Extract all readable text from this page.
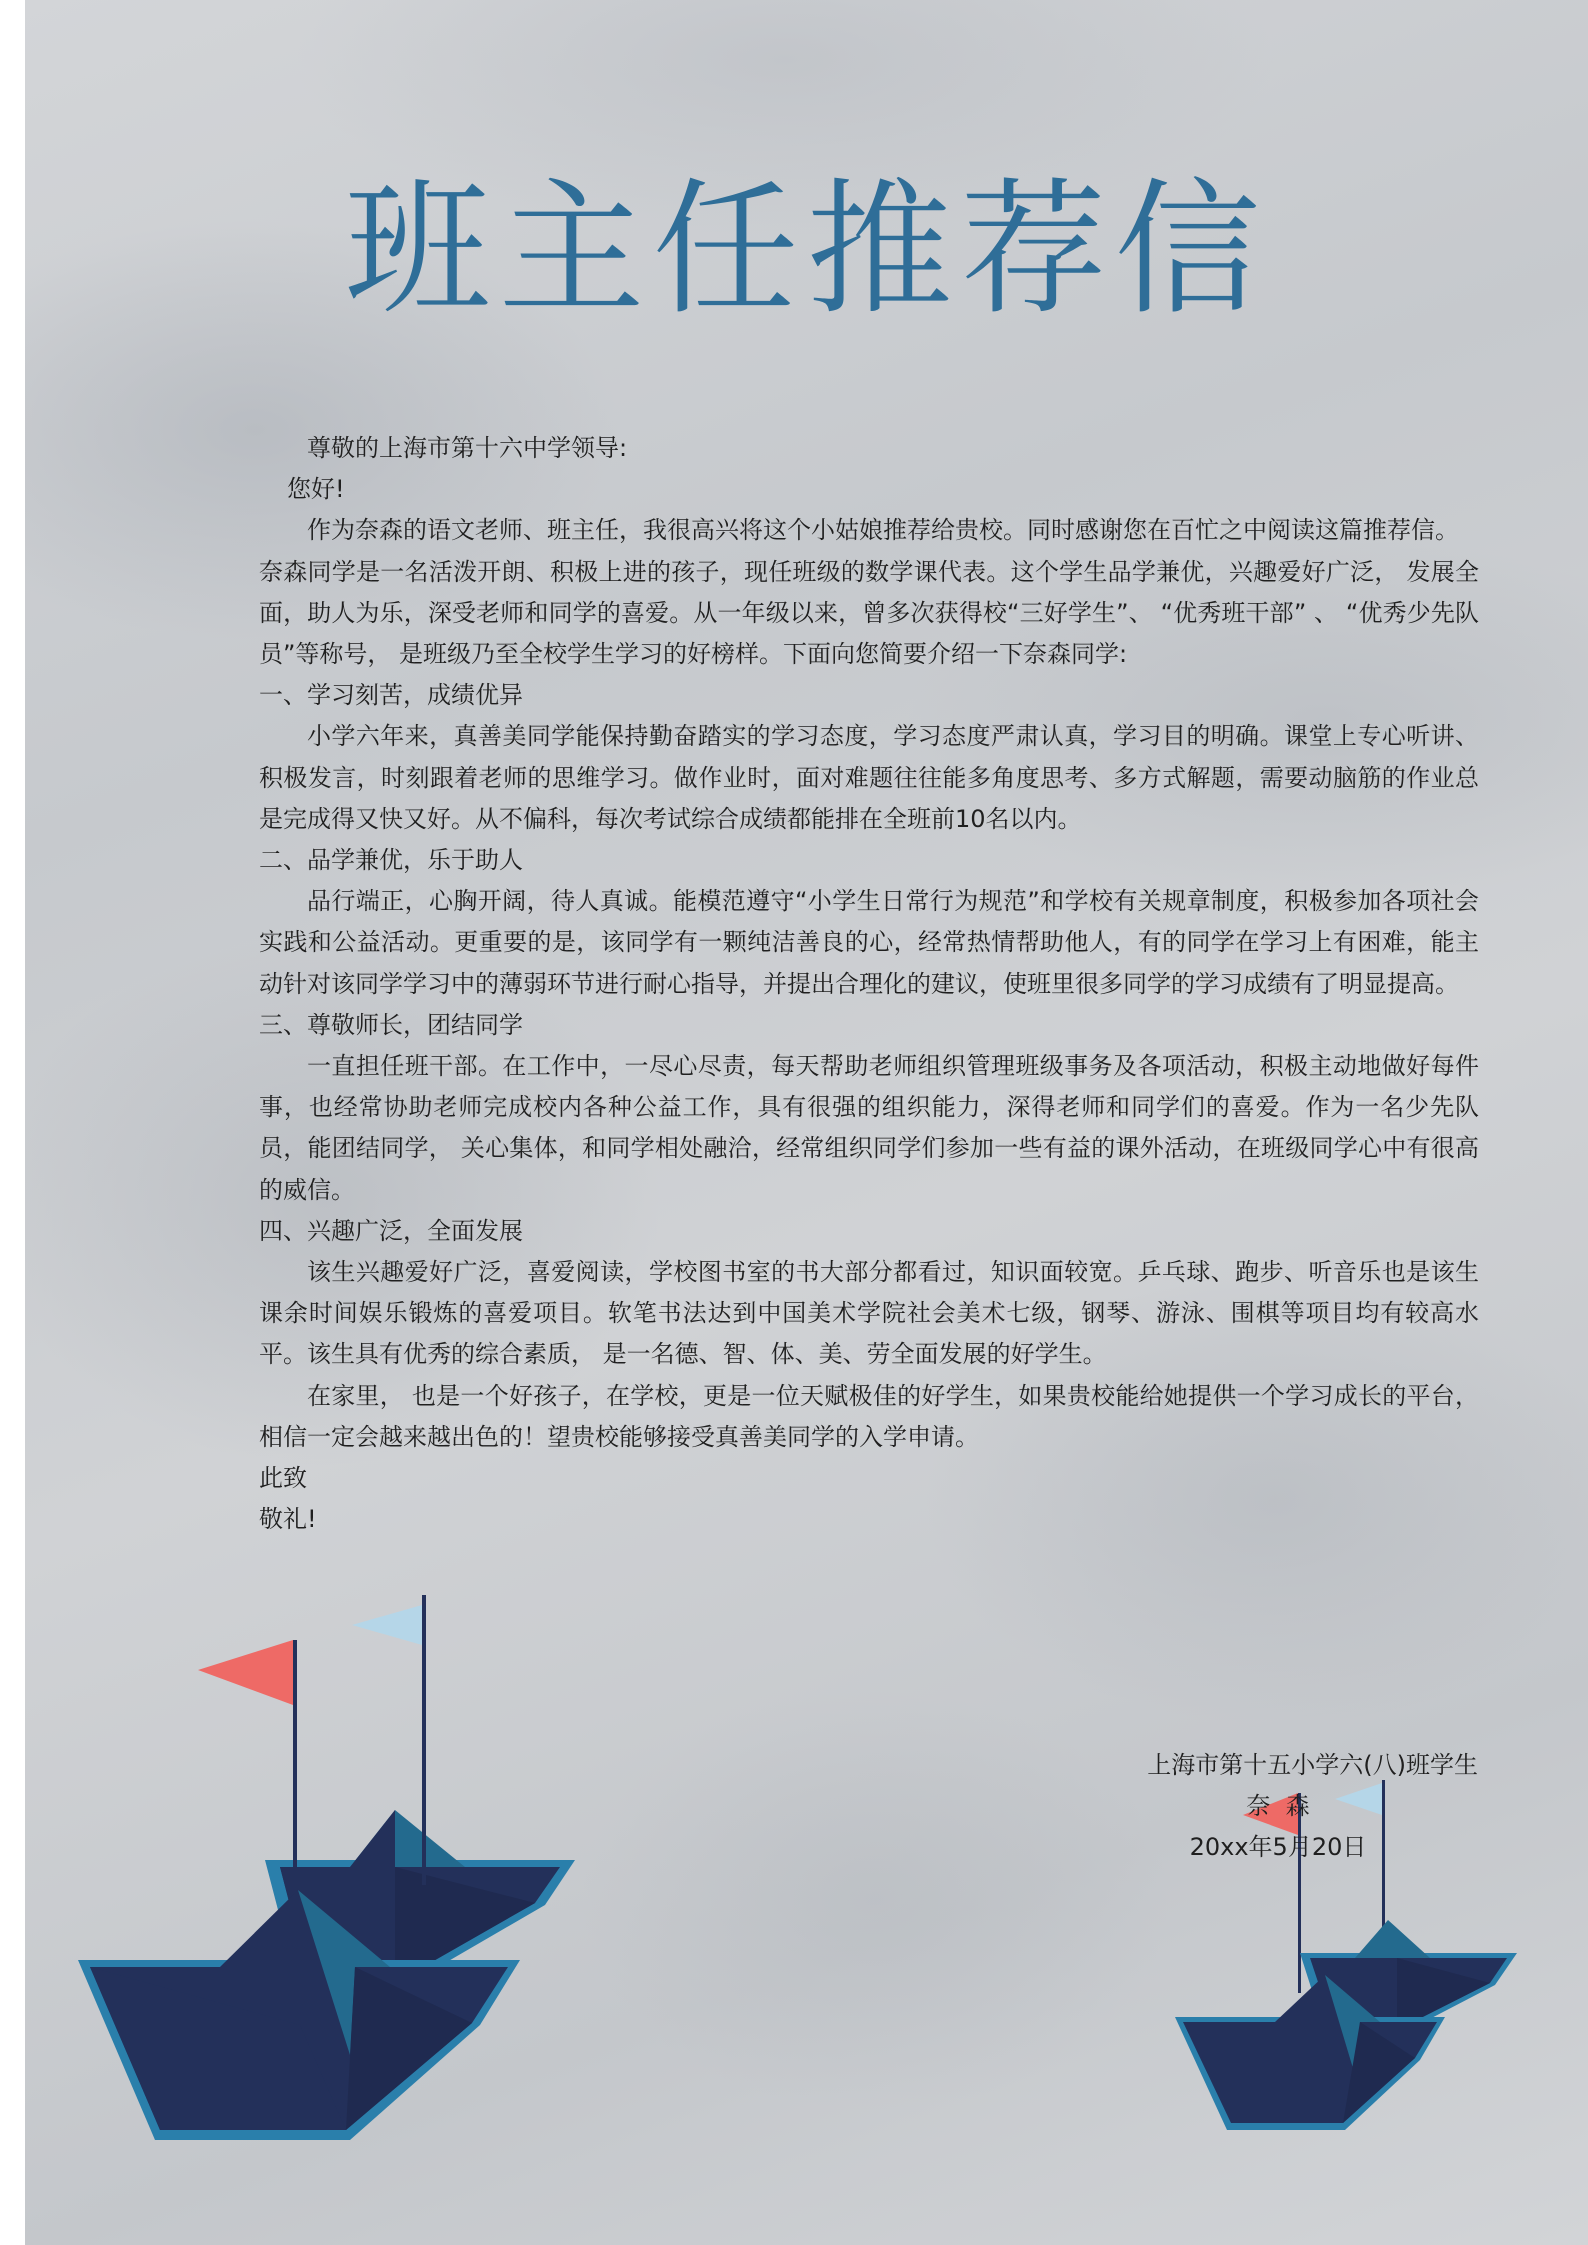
班主任推荐信

尊敬的上海市第十六中学领导:

您好!

作为奈森的语文老师、班主任，我很高兴将这个小姑娘推荐给贵校。同时感谢您在百忙之中阅读这篇推荐信。

奈森同学是一名活泼开朗、积极上进的孩子，现任班级的数学课代表。这个学生品学兼优，兴趣爱好广泛， 发展全面，助人为乐，深受老师和同学的喜爱。从一年级以来，曾多次获得校“三好学生”、 “优秀班干部” 、 “优秀少先队员”等称号， 是班级乃至全校学生学习的好榜样。下面向您简要介绍一下奈森同学:

一、学习刻苦，成绩优异

小学六年来，真善美同学能保持勤奋踏实的学习态度，学习态度严肃认真，学习目的明确。课堂上专心听讲、积极发言，时刻跟着老师的思维学习。做作业时，面对难题往往能多角度思考、多方式解题，需要动脑筋的作业总是完成得又快又好。从不偏科，每次考试综合成绩都能排在全班前10名以内。

二、品学兼优，乐于助人

品行端正，心胸开阔，待人真诚。能模范遵守“小学生日常行为规范”和学校有关规章制度，积极参加各项社会实践和公益活动。更重要的是，该同学有一颗纯洁善良的心，经常热情帮助他人，有的同学在学习上有困难，能主动针对该同学学习中的薄弱环节进行耐心指导，并提出合理化的建议，使班里很多同学的学习成绩有了明显提高。

三、尊敬师长，团结同学

一直担任班干部。在工作中，一尽心尽责，每天帮助老师组织管理班级事务及各项活动，积极主动地做好每件事，也经常协助老师完成校内各种公益工作，具有很强的组织能力，深得老师和同学们的喜爱。作为一名少先队员，能团结同学， 关心集体，和同学相处融洽，经常组织同学们参加一些有益的课外活动，在班级同学心中有很高的威信。

四、兴趣广泛，全面发展

该生兴趣爱好广泛，喜爱阅读，学校图书室的书大部分都看过，知识面较宽。乒乓球、跑步、听音乐也是该生课余时间娱乐锻炼的喜爱项目。软笔书法达到中国美术学院社会美术七级，钢琴、游泳、围棋等项目均有较高水平。该生具有优秀的综合素质， 是一名德、智、体、美、劳全面发展的好学生。

在家里， 也是一个好孩子，在学校，更是一位天赋极佳的好学生，如果贵校能给她提供一个学习成长的平台， 相信一定会越来越出色的！望贵校能够接受真善美同学的入学申请。

此致

敬礼!

上海市第十五小学六(八)班学生
奈  森
20xx年5月20日
